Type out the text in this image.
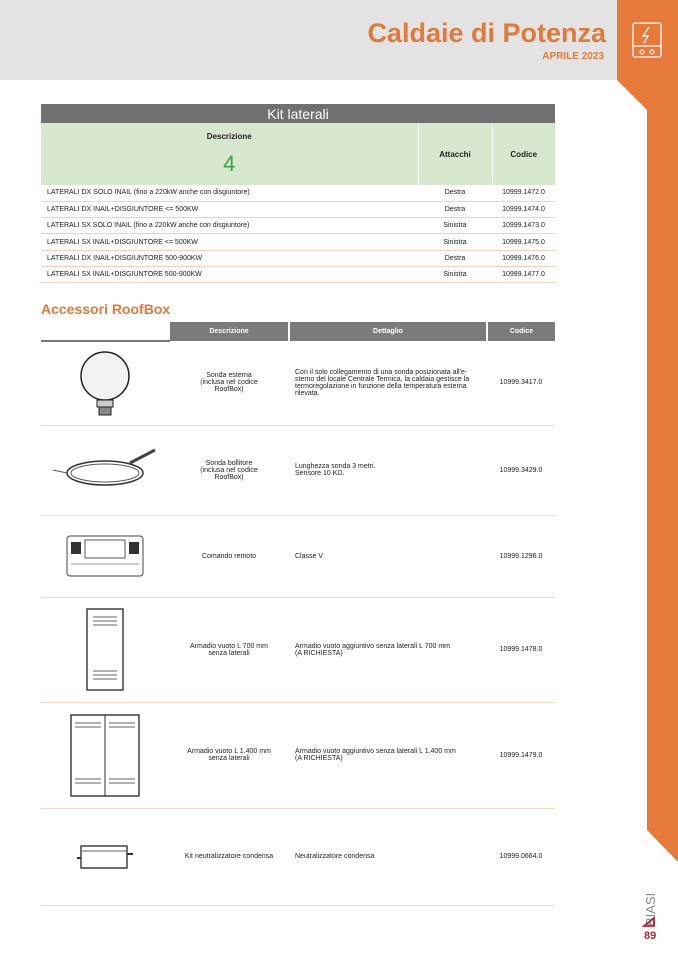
Caldaie di Potenza
APRILE 2023
Kit laterali		
Descrizione
4	Attacchi	Codice
LATERALI DX SOLO INAIL (fino a 220kW anche con disgiuntore)	Destra	10999.1472.0
LATERALI DX INAIL+DISGIUNTORE <= 500KW	Destra	10999.1474.0
LATERALI SX SOLO INAIL (fino a 220kW anche con disgiuntore)	Sinistra	10999.1473.0
LATERALI SX INAIL+DISGIUNTORE <= 500KW	Sinistra	10999.1475.0
LATERALI DX INAIL+DISGIUNTORE 500-900KW	Destra	10999.1476.0
LATERALI SX INAIL+DISGIUNTORE 500-900KW	Sinistra	10999.1477.0
Accessori RoofBox
	Descrizione	Dettaglio	Codice

	Sonda esterna
(inclusa nel codice
RoofBox)	Con il solo collegamento di una sonda posizionata all'e-
sterno del locale Centrale Termica, la caldaia gestisce la
termoregolazione in funzione della temperatura esterna
rilevata.	10999.3417.0

	Sonda bollitore
(inclusa nel codice
RoofBox)	Lunghezza sonda 3 metri.
Sensore 10 KΩ.	10999.3429.0

	Comando remoto	Classe V	10999.1296.0

	Armadio vuoto L 700 mm
senza laterali	Armadio vuoto aggiuntivo senza laterali L 700 mm
(A RICHIESTA)	10999.1478.0

	Armadio vuoto L 1.400 mm
senza laterali	Armadio vuoto aggiuntivo senza laterali L 1.400 mm
(A RICHIESTA)	10999.1479.0

	Kit neutralizzatore condensa	Neutralizzatore condensa	10999.0664.0
BIASI
89
